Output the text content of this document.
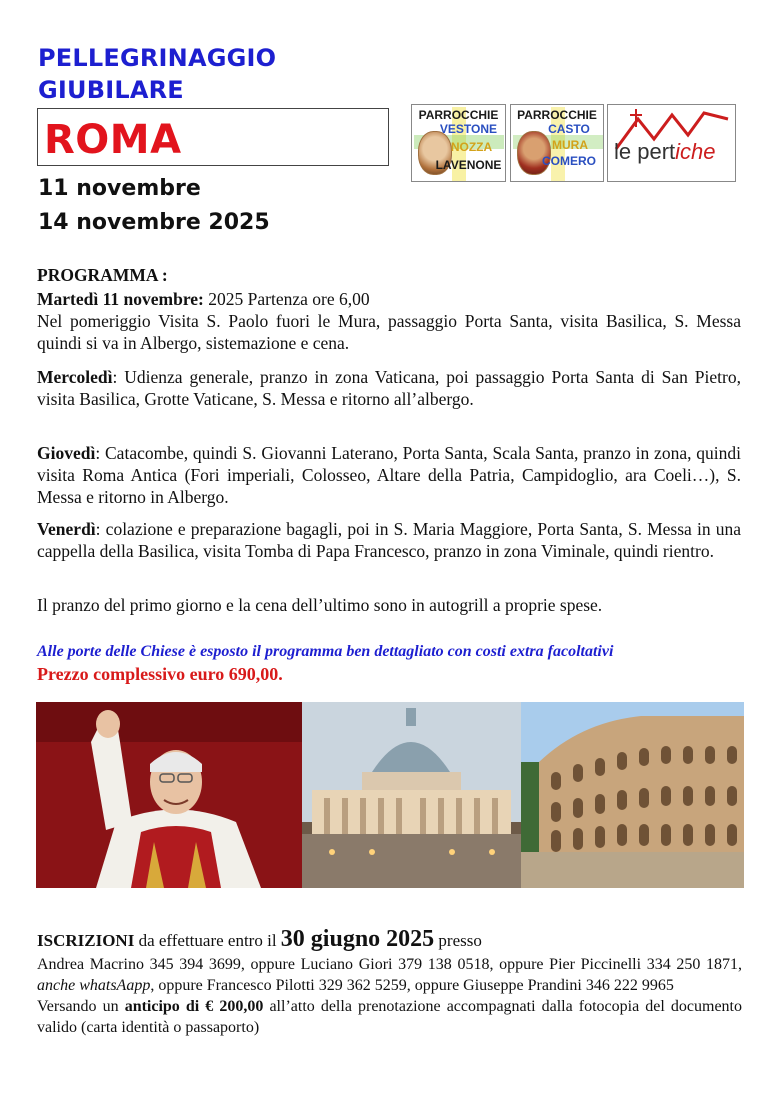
PELLEGRINAGGIO
GIUBILARE
ROMA
11 novembre
14 novembre 2025
PARROCCHIE
VESTONE
NOZZA
LAVENONE
PARROCCHIE
CASTO
MURA
COMERO le pertiche
PROGRAMMA :
Martedì 11 novembre: 2025 Partenza ore 6,00
Nel pomeriggio Visita S. Paolo fuori le Mura, passaggio Porta Santa, visita Basilica, S. Messa quindi si va in Albergo, sistemazione e cena.
Mercoledì: Udienza generale, pranzo in zona Vaticana, poi passaggio Porta Santa di San Pietro, visita Basilica, Grotte Vaticane, S. Messa e ritorno all’albergo.
Giovedì: Catacombe, quindi S. Giovanni Laterano, Porta Santa, Scala Santa, pranzo in zona, quindi visita Roma Antica (Fori imperiali, Colosseo, Altare della Patria, Campidoglio, ara Coeli…), S. Messa e ritorno in Albergo.
Venerdì: colazione e preparazione bagagli, poi in S. Maria Maggiore, Porta Santa, S. Messa in una cappella della Basilica, visita Tomba di Papa Francesco, pranzo in zona Viminale, quindi rientro.
Il pranzo del primo giorno e la cena dell’ultimo sono in autogrill a proprie spese.
Alle porte delle Chiese è esposto il programma ben dettagliato con costi extra facoltativi
Prezzo complessivo euro 690,00.
ISCRIZIONI da effettuare entro il 30 giugno 2025 presso
Andrea Macrino 345 394 3699, oppure Luciano Giori 379 138 0518, oppure Pier Piccinelli 334 250 1871, anche whatsAapp, oppure Francesco Pilotti 329 362 5259, oppure Giuseppe Prandini 346 222 9965
Versando un anticipo di € 200,00 all’atto della prenotazione accompagnati dalla fotocopia del documento valido (carta identità o passaporto)
